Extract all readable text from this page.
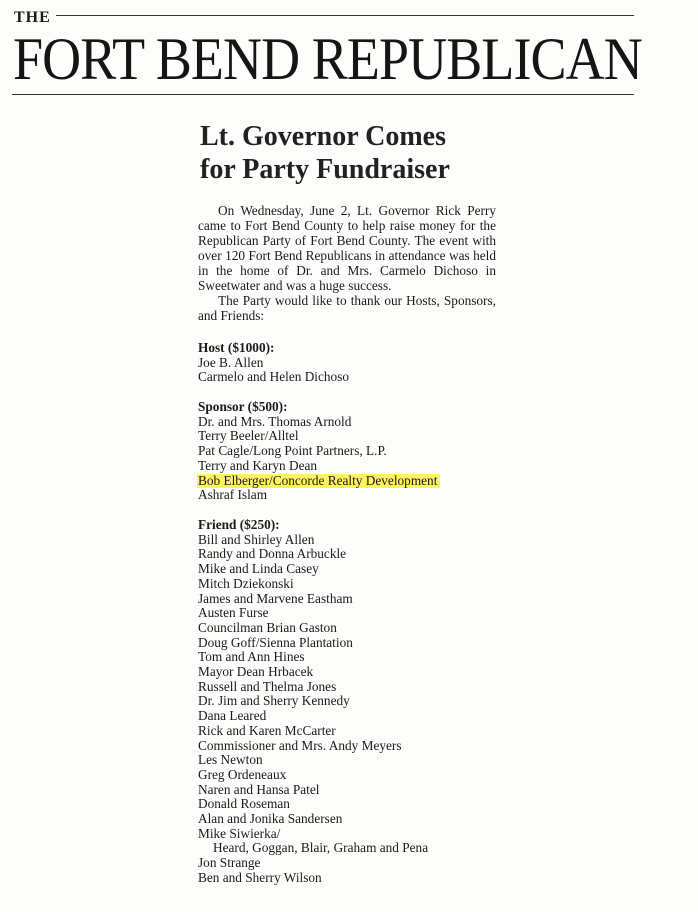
THE
FORT BEND REPUBLICAN
Lt. Governor Comes
for Party Fundraiser

On Wednesday, June 2, Lt. Governor Rick Perry came to Fort Bend County to help raise money for the Republican Party of Fort Bend County. The event with over 120 Fort Bend Republicans in attendance was held in the home of Dr. and Mrs. Carmelo Dichoso in Sweetwater and was a huge success.

The Party would like to thank our Hosts, Sponsors, and Friends:

Host ($1000):
Joe B. Allen
Carmelo and Helen Dichoso
Sponsor ($500):
Dr. and Mrs. Thomas Arnold
Terry Beeler/Alltel
Pat Cagle/Long Point Partners, L.P.
Terry and Karyn Dean
Bob Elberger/Concorde Realty Development
Ashraf Islam
Friend ($250):
Bill and Shirley Allen
Randy and Donna Arbuckle
Mike and Linda Casey
Mitch Dziekonski
James and Marvene Eastham
Austen Furse
Councilman Brian Gaston
Doug Goff/Sienna Plantation
Tom and Ann Hines
Mayor Dean Hrbacek
Russell and Thelma Jones
Dr. Jim and Sherry Kennedy
Dana Leared
Rick and Karen McCarter
Commissioner and Mrs. Andy Meyers
Les Newton
Greg Ordeneaux
Naren and Hansa Patel
Donald Roseman
Alan and Jonika Sandersen
Mike Siwierka/
Heard, Goggan, Blair, Graham and Pena
Jon Strange
Ben and Sherry Wilson
